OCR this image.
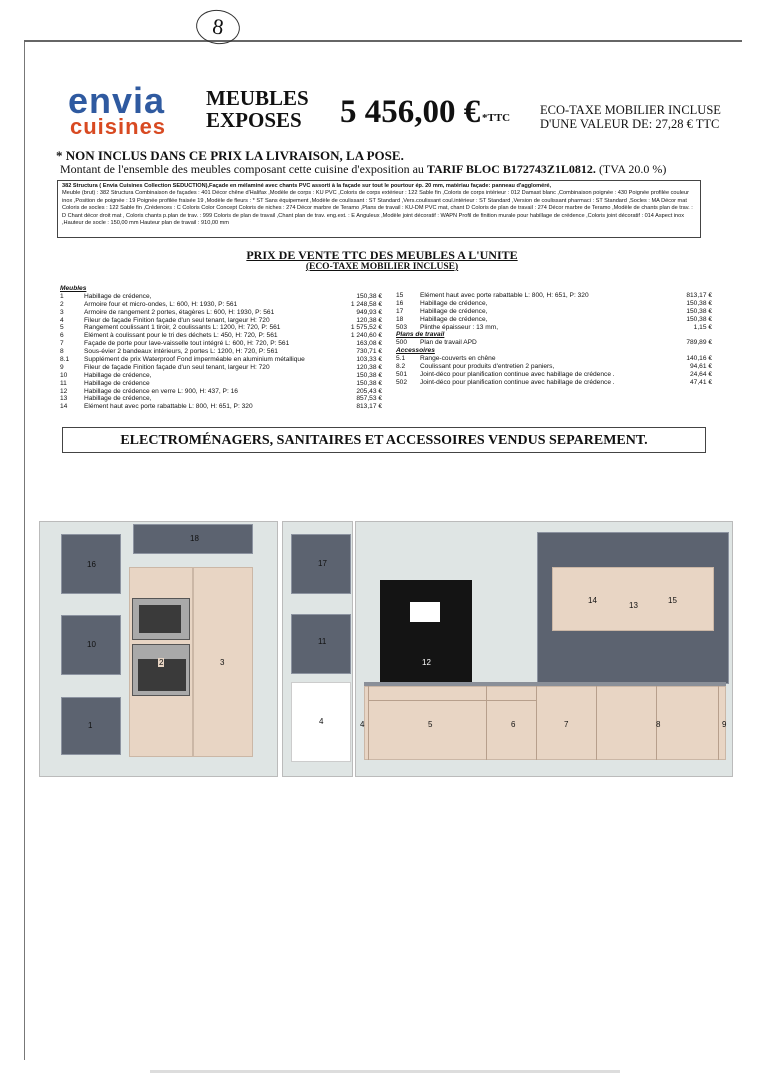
8
envia
cuisines
MEUBLES
EXPOSES	5 456,00 € *TTC
ECO-TAXE MOBILIER INCLUSE
D'UNE VALEUR DE: 27,28 € TTC
* NON INCLUS DANS CE PRIX LA LIVRAISON, LA POSE.
Montant de l'ensemble des meubles composant cette cuisine d'exposition au TARIF BLOC B172743Z1L0812. (TVA 20.0 %)
382 Structura ( Envia Cuisines Collection SEDUCTION),Façade en mélaminé avec chants PVC assorti à la façade sur tout le pourtour ép. 20 mm, matériau façade: panneau d'aggloméré,
Meuble (brut) : 382 Structura Combinaison de façades : 401 Décor chêne d'Halifax ,Modèle de corps : KU PVC ,Coloris de corps extérieur : 122 Sable fin ,Coloris de corps intérieur : 012 Damast blanc ,Combinaison poignée : 430 Poignée profilée couleur inox ,Position de poignée : 19 Poignée profilée fraisée 19 ,Modèle de fleurs : * ST Sans équipement ,Modèle de coulissant : ST Standard ,Vers.coulissant coul.intérieur : ST Standard ,Version de coulissant pharmaci : ST Standard ,Socles : MA Décor mat Coloris de socles : 122 Sable fin ,Crédences : C Coloris Color Concept Coloris de niches : 274 Décor marbre de Teramo ,Plans de travail : KU-DM PVC mat, chant D Coloris de plan de travail : 274 Décor marbre de Teramo ,Modèle de chants plan de trav. : D Chant décor droit mat , Coloris chants p.plan de trav. : 999 Coloris de plan de travail ,Chant plan de trav. eng.ext. : E Anguleux ,Modèle joint décoratif : WAPN Profil de finition murale pour habillage de crédence ,Coloris joint décoratif : 014 Aspect inox ,Hauteur de socle : 150,00 mm Hauteur plan de travail : 910,00 mm
PRIX DE VENTE TTC DES MEUBLES A L'UNITE
(ECO-TAXE MOBILIER INCLUSE)
Meubles
1	Habillage de crédence,	150,38 €
2	Armoire four et micro-ondes, L: 600, H: 1930, P: 561	1 248,58 €
3	Armoire de rangement 2 portes, étagères L: 600, H: 1930, P: 561	949,93 €
4	Fileur de façade Finition façade d'un seul tenant, largeur H: 720	120,38 €
5	Rangement coulissant 1 tiroir, 2 coulissants L: 1200, H: 720, P: 561	1 575,52 €
6	Elément à coulissant pour le tri des déchets L: 450, H: 720, P: 561	1 240,60 €
7	Façade de porte pour lave-vaisselle tout intégré L: 600, H: 720, P: 561	163,08 €
8	Sous-évier 2 bandeaux intérieurs, 2 portes L: 1200, H: 720, P: 561	730,71 €
8.1 Supplément de prix Waterproof Fond imperméable en aluminium métallique	103,33 €
9	Fileur de façade Finition façade d'un seul tenant, largeur H: 720	120,38 €
10	Habillage de crédence,	150,38 €
11	Habillage de crédence	150,38 €
12	Habillage de crédence en verre L: 900, H: 437, P: 16	205,43 €
13	Habillage de crédence,	857,53 €
14	Elément haut avec porte rabattable L: 800, H: 651, P: 320	813,17 €
15	Elément haut avec porte rabattable L: 800, H: 651, P: 320	813,17 €
16	Habillage de crédence,	150,38 €
17	Habillage de crédence,	150,38 €
18	Habillage de crédence,	150,38 €
503 Plinthe épaisseur : 13 mm,	1,15 €
Plans de travail
500 Plan de travail APD	789,89 €
Accessoires
5.1 Range-couverts en chêne	140,16 €
8.2 Coulissant pour produits d'entretien 2 paniers,	94,61 €
501 Joint-déco pour planification continue avec habillage de crédence .	24,64 €
502 Joint-déco pour planification continue avec habillage de crédence .	47,41 €
ELECTROMÉNAGERS, SANITAIRES ET ACCESSOIRES VENDUS SEPAREMENT.
18
16
10
1
2	3
17
11
4
14
13
15
12
4	5	6	7	8	9
